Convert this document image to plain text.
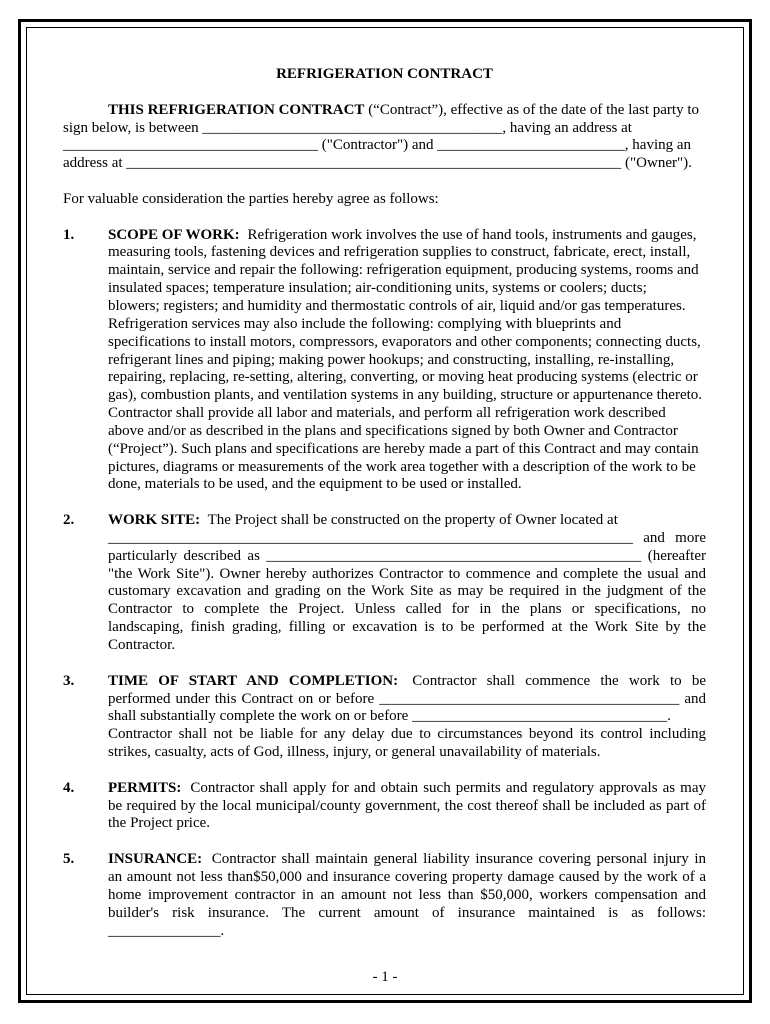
REFRIGERATION CONTRACT
THIS REFRIGERATION CONTRACT (“Contract”), effective as of the date of the last party to
sign below, is between ________________________________________, having an address at
__________________________________ ("Contractor") and _________________________, having an
address at __________________________________________________________________ ("Owner").
For valuable consideration the parties hereby agree as follows:
1. SCOPE OF WORK: Refrigeration work involves the use of hand tools, instruments and gauges,
measuring tools, fastening devices and refrigeration supplies to construct, fabricate, erect, install,
maintain, service and repair the following: refrigeration equipment, producing systems, rooms and
insulated spaces; temperature insulation; air-conditioning units, systems or coolers; ducts;
blowers; registers; and humidity and thermostatic controls of air, liquid and/or gas temperatures.
Refrigeration services may also include the following: complying with blueprints and
specifications to install motors, compressors, evaporators and other components; connecting ducts,
refrigerant lines and piping; making power hookups; and constructing, installing, re-installing,
repairing, replacing, re-setting, altering, converting, or moving heat producing systems (electric or
gas), combustion plants, and ventilation systems in any building, structure or appurtenance thereto.
Contractor shall provide all labor and materials, and perform all refrigeration work described
above and/or as described in the plans and specifications signed by both Owner and Contractor
(“Project”). Such plans and specifications are hereby made a part of this Contract and may contain
pictures, diagrams or measurements of the work area together with a description of the work to be
done, materials to be used, and the equipment to be used or installed.
2. WORK SITE: The Project shall be constructed on the property of Owner located at
______________________________________________________________________ and more
particularly described as __________________________________________________ (hereafter
"the Work Site"). Owner hereby authorizes Contractor to commence and complete the usual and
customary excavation and grading on the Work Site as may be required in the judgment of the
Contractor to complete the Project. Unless called for in the plans or specifications, no
landscaping, finish grading, filling or excavation is to be performed at the Work Site by the
Contractor.
3. TIME OF START AND COMPLETION: Contractor shall commence the work to be
performed under this Contract on or before ________________________________________ and
shall substantially complete the work on or before __________________________________.
Contractor shall not be liable for any delay due to circumstances beyond its control including
strikes, casualty, acts of God, illness, injury, or general unavailability of materials.
4. PERMITS: Contractor shall apply for and obtain such permits and regulatory approvals as may
be required by the local municipal/county government, the cost thereof shall be included as part of
the Project price.
5. INSURANCE: Contractor shall maintain general liability insurance covering personal injury in
an amount not less than$50,000 and insurance covering property damage caused by the work of a
home improvement contractor in an amount not less than $50,000, workers compensation and
builder's risk insurance. The current amount of insurance maintained is as follows:
_______________.
- 1 -
